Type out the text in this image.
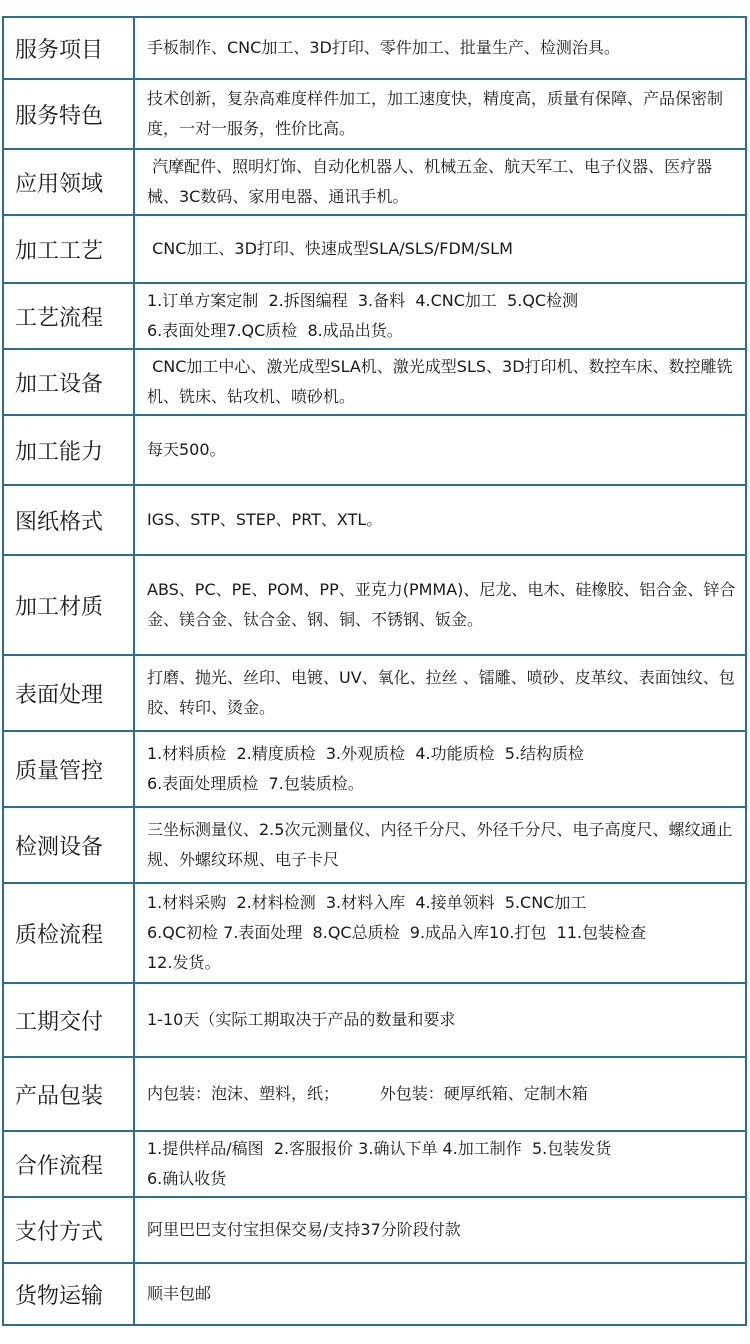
服务项目	手板制作、CNC加工、3D打印、零件加工、批量生产、检测治具。
服务特色	技术创新，复杂高难度样件加工，加工速度快，精度高，质量有保障、产品保密制度，一对一服务，性价比高。
应用领域	汽摩配件、照明灯饰、自动化机器人、机械五金、航天军工、电子仪器、医疗器械、3C数码、家用电器、通讯手机。
加工工艺	CNC加工、3D打印、快速成型SLA/SLS/FDM/SLM
工艺流程	1.订单方案定制  2.拆图编程  3.备料  4.CNC加工  5.QC检测
6.表面处理7.QC质检  8.成品出货。
加工设备	CNC加工中心、激光成型SLA机、激光成型SLS、3D打印机、数控车床、数控雕铣机、铣床、钻攻机、喷砂机。
加工能力	每天500。
图纸格式	IGS、STP、STEP、PRT、XTL。
加工材质	ABS、PC、PE、POM、PP、亚克力(PMMA)、尼龙、电木、硅橡胶、铝合金、锌合金、镁合金、钛合金、钢、铜、不锈钢、钣金。
表面处理	打磨、抛光、丝印、电镀、UV、氧化、拉丝 、镭雕、喷砂、皮革纹、表面蚀纹、包胶、转印、烫金。
质量管控	1.材料质检  2.精度质检  3.外观质检  4.功能质检  5.结构质检
6.表面处理质检  7.包装质检。
检测设备	三坐标测量仪、2.5次元测量仪、内径千分尺、外径千分尺、电子高度尺、螺纹通止规、外螺纹环规、电子卡尺
质检流程	1.材料采购  2.材料检测  3.材料入库  4.接单领料  5.CNC加工
6.QC初检 7.表面处理  8.QC总质检  9.成品入库10.打包  11.包装检查
12.发货。
工期交付	1-10天（实际工期取决于产品的数量和要求
产品包装	内包装：泡沫、塑料，纸；        外包装：硬厚纸箱、定制木箱
合作流程	1.提供样品/稿图  2.客服报价 3.确认下单 4.加工制作  5.包装发货
6.确认收货
支付方式	阿里巴巴支付宝担保交易/支持37分阶段付款
货物运输	顺丰包邮
